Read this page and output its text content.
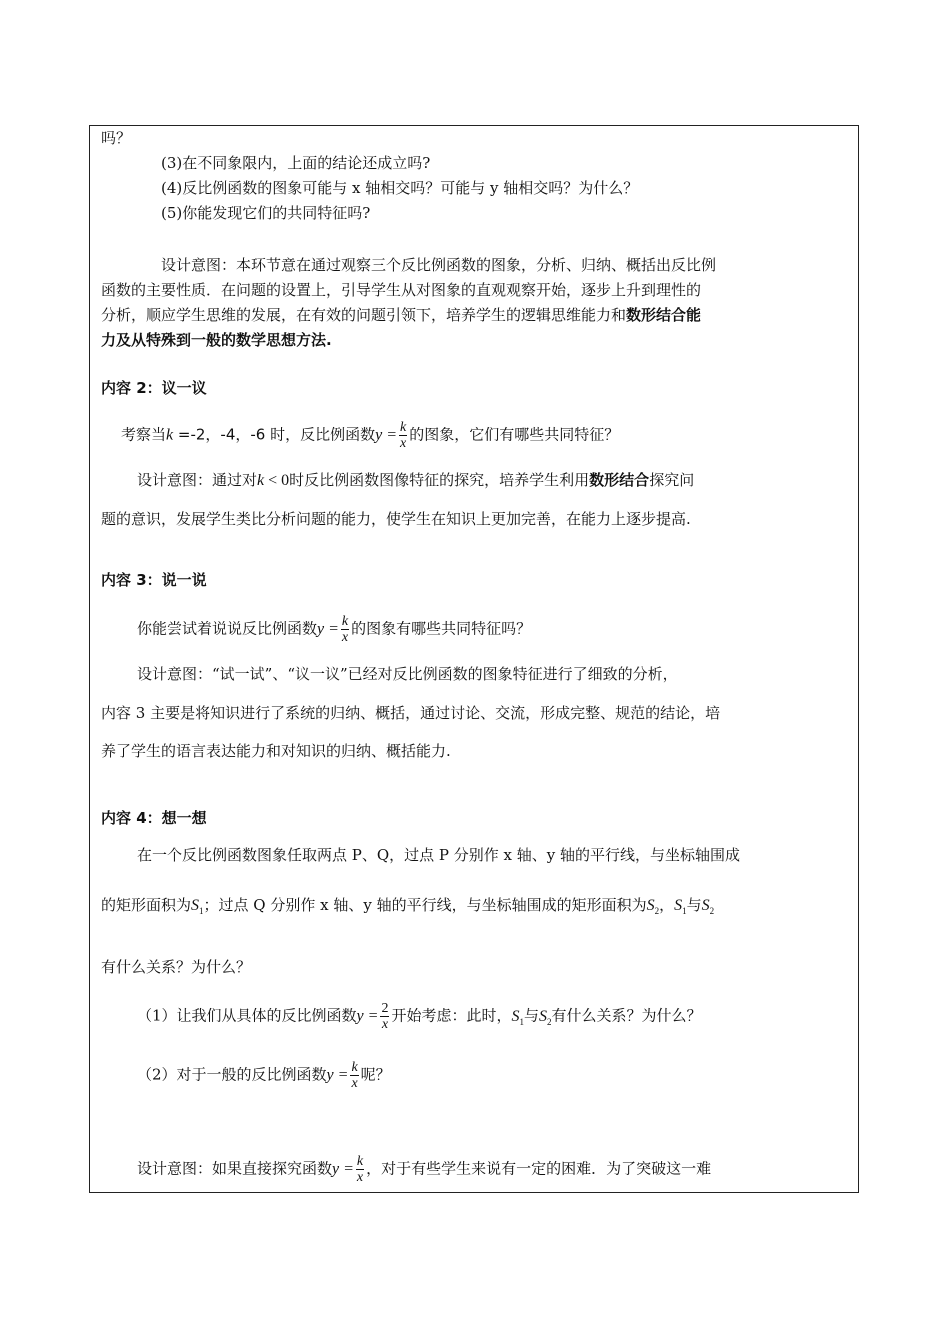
吗？
(3)在不同象限内，上面的结论还成立吗?
(4)反比例函数的图象可能与 x 轴相交吗？可能与 y 轴相交吗？为什么？
(5)你能发现它们的共同特征吗?
设计意图：本环节意在通过观察三个反比例函数的图象，分析、归纳、概括出反比例
函数的主要性质．在问题的设置上，引导学生从对图象的直观观察开始，逐步上升到理性的
分析，顺应学生思维的发展，在有效的问题引领下，培养学生的逻辑思维能力和数形结合能
力及从特殊到一般的数学思想方法.
内容 2：议一议
考察当k =-2，-4，-6 时，反比例函数$y = \frac{k}{x}$ 的图象，它们有哪些共同特征？
设计意图：通过对k < 0时反比例函数图像特征的探究，培养学生利用数形结合探究问
题的意识，发展学生类比分析问题的能力，使学生在知识上更加完善，在能力上逐步提高.
内容 3：说一说
你能尝试着说说反比例函数$y = \frac{k}{x}$ 的图象有哪些共同特征吗？
设计意图：“试一试”、“议一议”已经对反比例函数的图象特征进行了细致的分析，
内容 3 主要是将知识进行了系统的归纳、概括，通过讨论、交流，形成完整、规范的结论，培
养了学生的语言表达能力和对知识的归纳、概括能力.
内容 4：想一想
在一个反比例函数图象任取两点 P、Q，过点 P 分别作 x 轴、y 轴的平行线，与坐标轴围成
的矩形面积为$S_1$；过点 Q 分别作 x 轴、y 轴的平行线，与坐标轴围成的矩形面积为$S_2$，$S_1$与$S_2$
有什么关系？为什么？
（1）让我们从具体的反比例函数$y = \frac{2}{x}$ 开始考虑：此时，$S_1$与$S_2$有什么关系？为什么？
（2）对于一般的反比例函数$y = \frac{k}{x}$ 呢？
设计意图：如果直接探究函数$y = \frac{k}{x}$ ，对于有些学生来说有一定的困难．为了突破这一难
